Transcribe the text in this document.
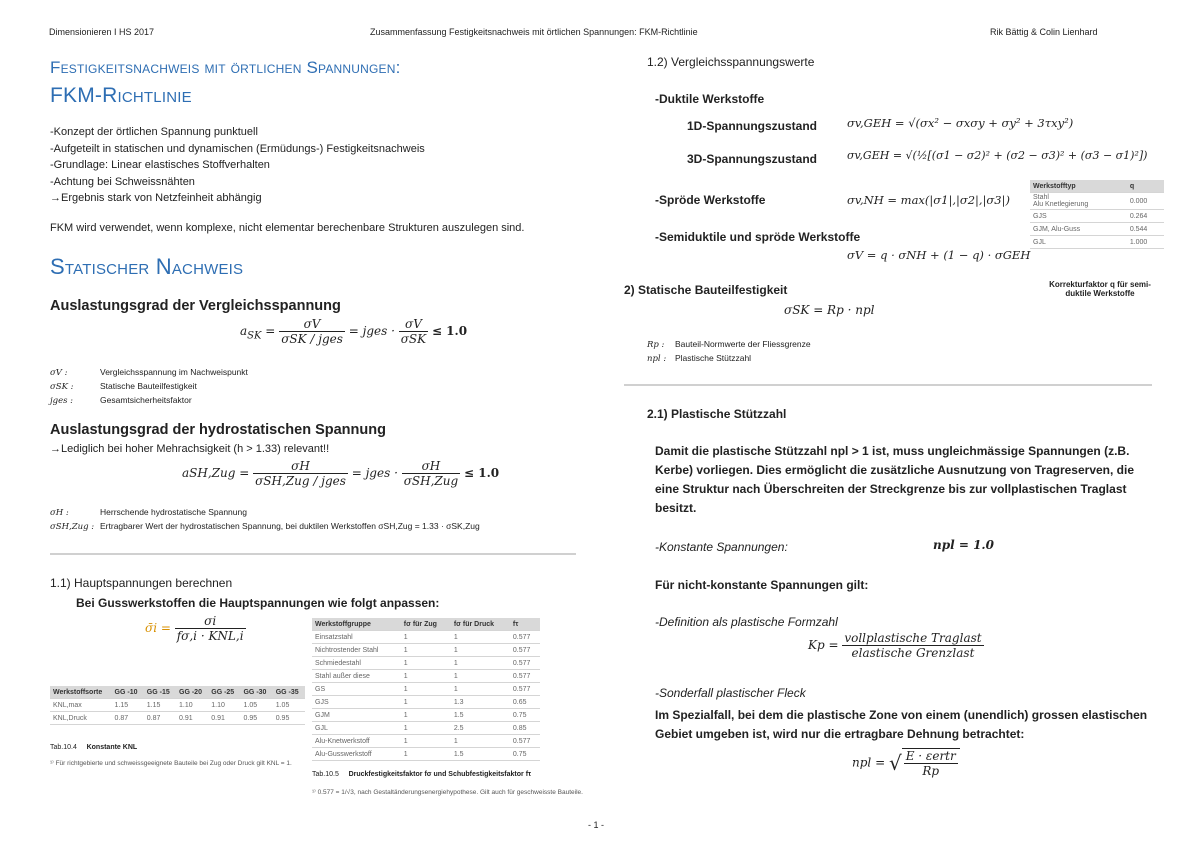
Dimensionieren I HS 2017	Zusammenfassung Festigkeitsnachweis mit örtlichen Spannungen: FKM-Richtlinie	Rik Bättig & Colin Lienhard
Festigkeitsnachweis mit örtlichen Spannungen:
FKM-Richtlinie
-Konzept der örtlichen Spannung punktuell
-Aufgeteilt in statischen und dynamischen (Ermüdungs-) Festigkeitsnachweis
-Grundlage: Linear elastisches Stoffverhalten
-Achtung bei Schweissnähten
→Ergebnis stark von Netzfeinheit abhängig
FKM wird verwendet, wenn komplexe, nicht elementar berechenbare Strukturen auszulegen sind.
Statischer Nachweis
Auslastungsgrad der Vergleichsspannung
$a_{SK} = \frac{\sigma V}{\text{σSK / jges}}$ = jges · $\frac{\sigma V}{\text{σSK}} \le 1.0$
σV :	Vergleichsspannung im Nachweispunkt
σSK :	Statische Bauteilfestigkeit
jges :	Gesamtsicherheitsfaktor
Auslastungsgrad der hydrostatischen Spannung
→Lediglich bei hoher Mehrachsigkeit (h > 1.33) relevant!!
$aSH,Zug = \frac{\sigma H}{\text{σSH,Zug / jges}}$ = jges · $\frac{\sigma H}{\text{σSH,Zug}} \le 1.0$
σH :	Herrschende hydrostatische Spannung
σSH,Zug : Ertragbarer Wert der hydrostatischen Spannung, bei duktilen Werkstoffen σSH,Zug = 1.33 · σSK,Zug
1.1) Hauptspannungen berechnen
Bei Gusswerkstoffen die Hauptspannungen wie folgt anpassen:
σ̄i = $\frac{\sigma i}{\text{fσ,i · KNL,i}}$
Werkstoffsorte	GG -10	GG -15	GG -20	GG -25	GG -30	GG -35
KNL,max	1.15	1.15	1.10	1.10	1.05	1.05
KNL,Druck	0.87	0.87	0.91	0.91	0.95	0.95
Tab.10.4 Konstante KNL
¹⁾ Für richtgebierte und schweissgeeignete Bauteile bei Zug oder Druck gilt KNL = 1.
Werkstoffgruppe	fσ für Zug	fσ für Druck	fτ
Einsatzstahl	1	1	0.577
Nichtrostender Stahl	1	1	0.577
Schmiedestahl	1	1	0.577
Stahl außer diese	1	1	0.577
GS	1	1	0.577
GJS	1	1.3	0.65
GJM	1	1.5	0.75
GJL	1	2.5	0.85
Alu-Knetwerkstoff	1	1	0.577
Alu-Gusswerkstoff	1	1.5	0.75
Tab.10.5 Druckfestigkeitsfaktor fσ und Schubfestigkeitsfaktor fτ
¹⁾ 0.577 = 1/√3, nach Gestaltänderungsenergiehypothese. Gilt auch für geschweisste Bauteile.
1.2) Vergleichsspannungswerte
-Duktile Werkstoffe
1D-Spannungszustand	σv,GEH = √(σx² − σxσy + σy² + 3τxy²)
3D-Spannungszustand	σv,GEH = √(½[(σ1 − σ2)² + (σ2 − σ3)² + (σ3 − σ1)²])
-Spröde Werkstoffe	σv,NH = max(|σ1|,|σ2|,|σ3|)
-Semiduktile und spröde Werkstoffe
σV = q · σNH + (1 − q) · σGEH
Werkstofftyp	q
Stahl
Alu Knetlegierung	0.000
GJS	0.264
GJM, Alu-Guss	0.544
GJL	1.000
Korrekturfaktor q für semi-duktile Werkstoffe
2) Statische Bauteilfestigkeit
σSK = Rp · npl
Rp : Bauteil-Normwerte der Fliessgrenze
npl : Plastische Stützzahl
2.1) Plastische Stützzahl
Damit die plastische Stützzahl npl > 1 ist, muss ungleichmässige Spannungen (z.B. Kerbe) vorliegen. Dies ermöglicht die zusätzliche Ausnutzung von Tragreserven, die eine Struktur nach Überschreiten der Streckgrenze bis zur vollplastischen Traglast besitzt.
-Konstante Spannungen:	npl = 1.0
Für nicht-konstante Spannungen gilt:
-Definition als plastische Formzahl
$Kp = \frac{\text{vollplastische Traglast}}{\text{elastische Grenzlast}}$
-Sonderfall plastischer Fleck
Im Spezialfall, bei dem die plastische Zone von einem (unendlich) grossen elastischen Gebiet umgeben ist, wird nur die ertragbare Dehnung betrachtet:
npl = √ $\frac{\text{E · εertr}}{Rp}$
- 1 -
